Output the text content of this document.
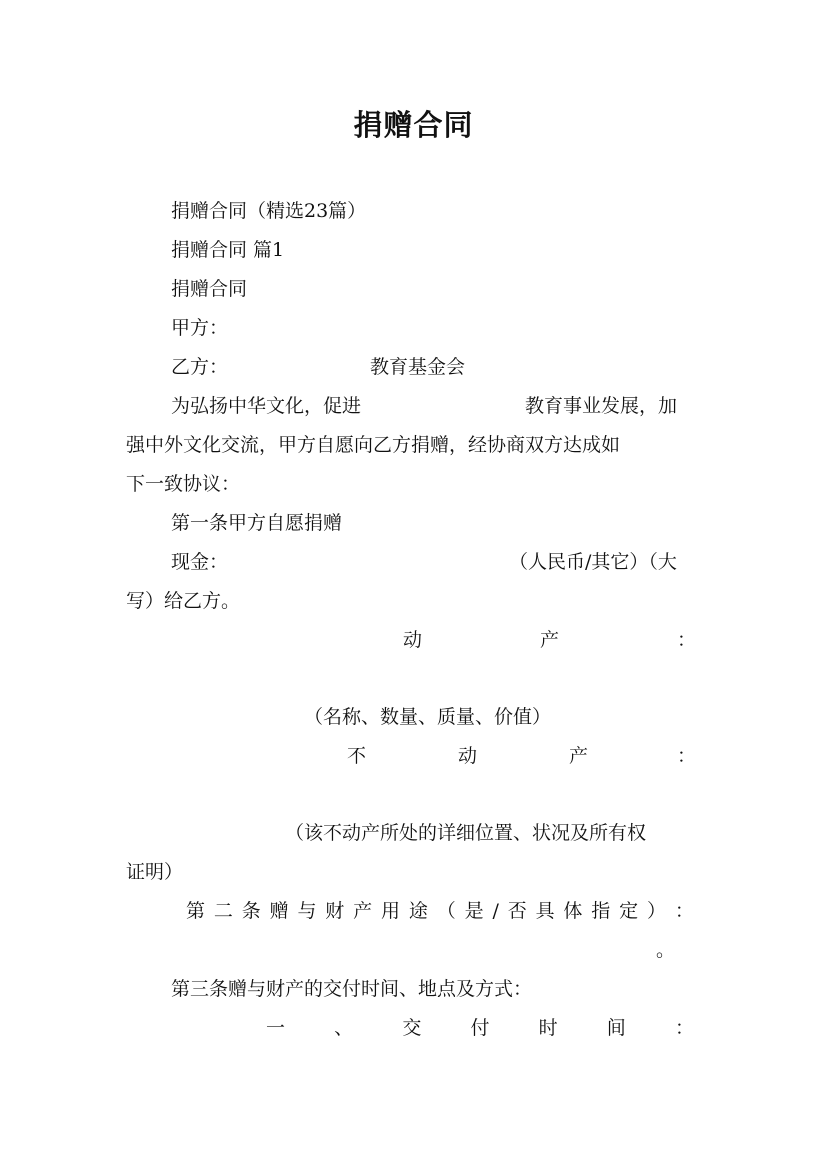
捐赠合同
捐赠合同（精选23篇）
捐赠合同 篇1
捐赠合同
甲方：
乙方：	教育基金会
为弘扬中华文化，促进	教育事业发展，加
强中外文化交流，甲方自愿向乙方捐赠，经协商双方达成如
下一致协议：
第一条甲方自愿捐赠
现金：	（人民币/其它）（大
写）给乙方。
动	产	：
（名称、数量、质量、价值）
不	动	产	：
（该不动产所处的详细位置、状况及所有权
证明）
第 二 条 赠 与 财 产 用 途 （ 是 / 否 具 体 指 定 ） ：
。
第三条赠与财产的交付时间、地点及方式：
一	、	交	付	时	间	：
